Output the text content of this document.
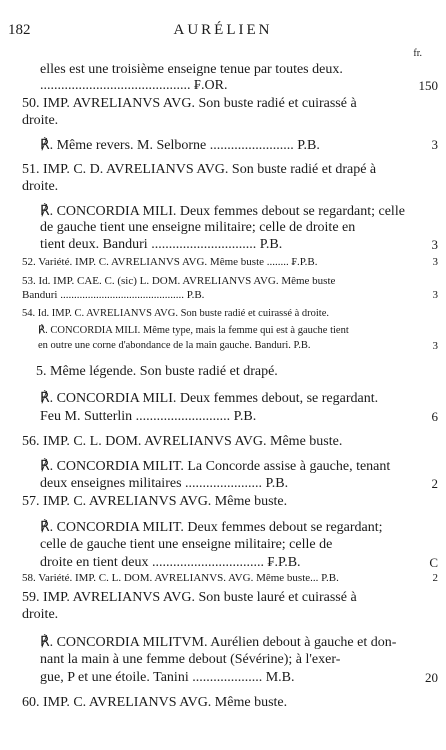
182	AURÉLIEN
fr.
elles est une troisième enseigne tenue par toutes deux.
........................................... ₣.OR.	150
50. IMP. AVRELIANVS AVG. Son buste radié et cuirassé à
droite.
℟. Même revers. M. Selborne ........................ P.B.	3
51. IMP. C. D. AVRELIANVS AVG. Son buste radié et drapé à
droite.
℟. CONCORDIA MILI. Deux femmes debout se regardant; celle
de gauche tient une enseigne militaire; celle de droite en
tient deux. Banduri .............................. P.B.	3
52. Variété. IMP. C. AVRELIANVS AVG. Même buste ........ ₣.P.B.	3
53. Id. IMP. CAE. C. (sic) L. DOM. AVRELIANVS AVG. Même buste
Banduri ............................................. P.B.	3
54. Id. IMP. C. AVRELIANVS AVG. Son buste radié et cuirassé à droite.
℟. CONCORDIA MILI. Même type, mais la femme qui est à gauche tient
en outre une corne d'abondance de la main gauche. Banduri. P.B.	3
5. Même légende. Son buste radié et drapé.
℟. CONCORDIA MILI. Deux femmes debout, se regardant.
Feu M. Sutterlin ........................... P.B.	6
56. IMP. C. L. DOM. AVRELIANVS AVG. Même buste.
℟. CONCORDIA MILIT. La Concorde assise à gauche, tenant
deux enseignes militaires ...................... P.B.	2
57. IMP. C. AVRELIANVS AVG. Même buste.
℟. CONCORDIA MILIT. Deux femmes debout se regardant;
celle de gauche tient une enseigne militaire; celle de
droite en tient deux ................................ ₣.P.B.	C
58. Variété. IMP. C. L. DOM. AVRELIANVS. AVG. Même buste... P.B.	2
59. IMP. AVRELIANVS AVG. Son buste lauré et cuirassé à
droite.
℟. CONCORDIA MILITVM. Aurélien debout à gauche et don-
nant la main à une femme debout (Sévérine); à l'exer-
gue, P et une étoile. Tanini .................... M.B.	20
60. IMP. C. AVRELIANVS AVG. Même buste.
